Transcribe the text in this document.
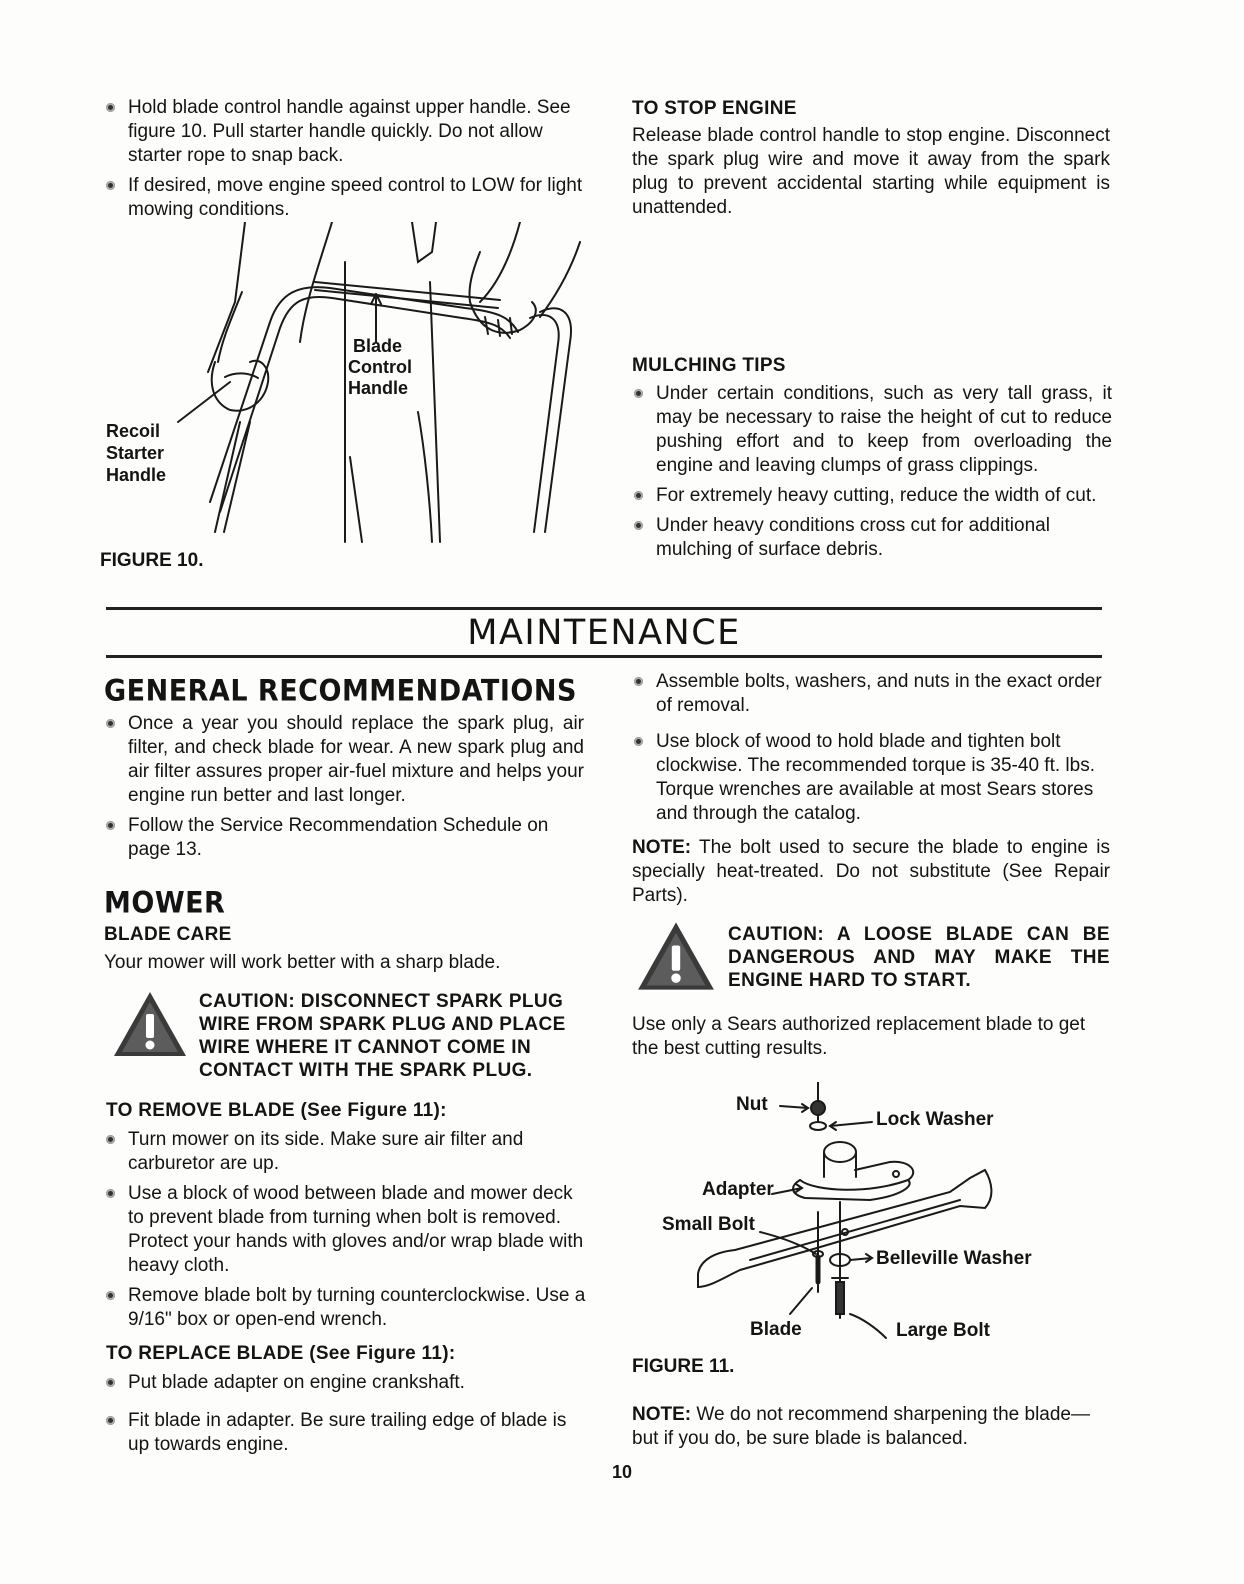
Hold blade control handle against upper handle. See figure 10. Pull starter handle quickly. Do not allow starter rope to snap back.
If desired, move engine speed control to LOW for light mowing conditions.
Blade
Control
Handle
Recoil
Starter
Handle
FIGURE 10.
TO STOP ENGINE
Release blade control handle to stop engine. Disconnect the spark plug wire and move it away from the spark plug to prevent accidental starting while equipment is unattended.
MULCHING TIPS
Under certain conditions, such as very tall grass, it may be necessary to raise the height of cut to reduce pushing effort and to keep from overloading the engine and leaving clumps of grass clippings.
For extremely heavy cutting, reduce the width of cut.
Under heavy conditions cross cut for additional mulching of surface debris.
MAINTENANCE
GENERAL RECOMMENDATIONS
Once a year you should replace the spark plug, air filter, and check blade for wear. A new spark plug and air filter assures proper air-fuel mixture and helps your engine run better and last longer.
Follow the Service Recommendation Schedule on page 13.
MOWER
BLADE CARE
Your mower will work better with a sharp blade.
CAUTION: DISCONNECT SPARK PLUG WIRE FROM SPARK PLUG AND PLACE WIRE WHERE IT CANNOT COME IN CONTACT WITH THE SPARK PLUG.
TO REMOVE BLADE (See Figure 11):
Turn mower on its side. Make sure air filter and carburetor are up.
Use a block of wood between blade and mower deck to prevent blade from turning when bolt is removed. Protect your hands with gloves and/or wrap blade with heavy cloth.
Remove blade bolt by turning counterclockwise. Use a 9/16" box or open-end wrench.
TO REPLACE BLADE (See Figure 11):
Put blade adapter on engine crankshaft.
Fit blade in adapter. Be sure trailing edge of blade is up towards engine.
Assemble bolts, washers, and nuts in the exact order of removal.
Use block of wood to hold blade and tighten bolt clockwise. The recommended torque is 35-40 ft. lbs. Torque wrenches are available at most Sears stores and through the catalog.
NOTE: The bolt used to secure the blade to engine is specially heat-treated. Do not substitute (See Repair Parts).
CAUTION: A LOOSE BLADE CAN BE DANGEROUS AND MAY MAKE THE ENGINE HARD TO START.
Use only a Sears authorized replacement blade to get the best cutting results.
Nut
Lock Washer
Adapter
Small Bolt
Belleville Washer
Blade	Large Bolt
FIGURE 11.
NOTE: We do not recommend sharpening the blade—but if you do, be sure blade is balanced.
10
